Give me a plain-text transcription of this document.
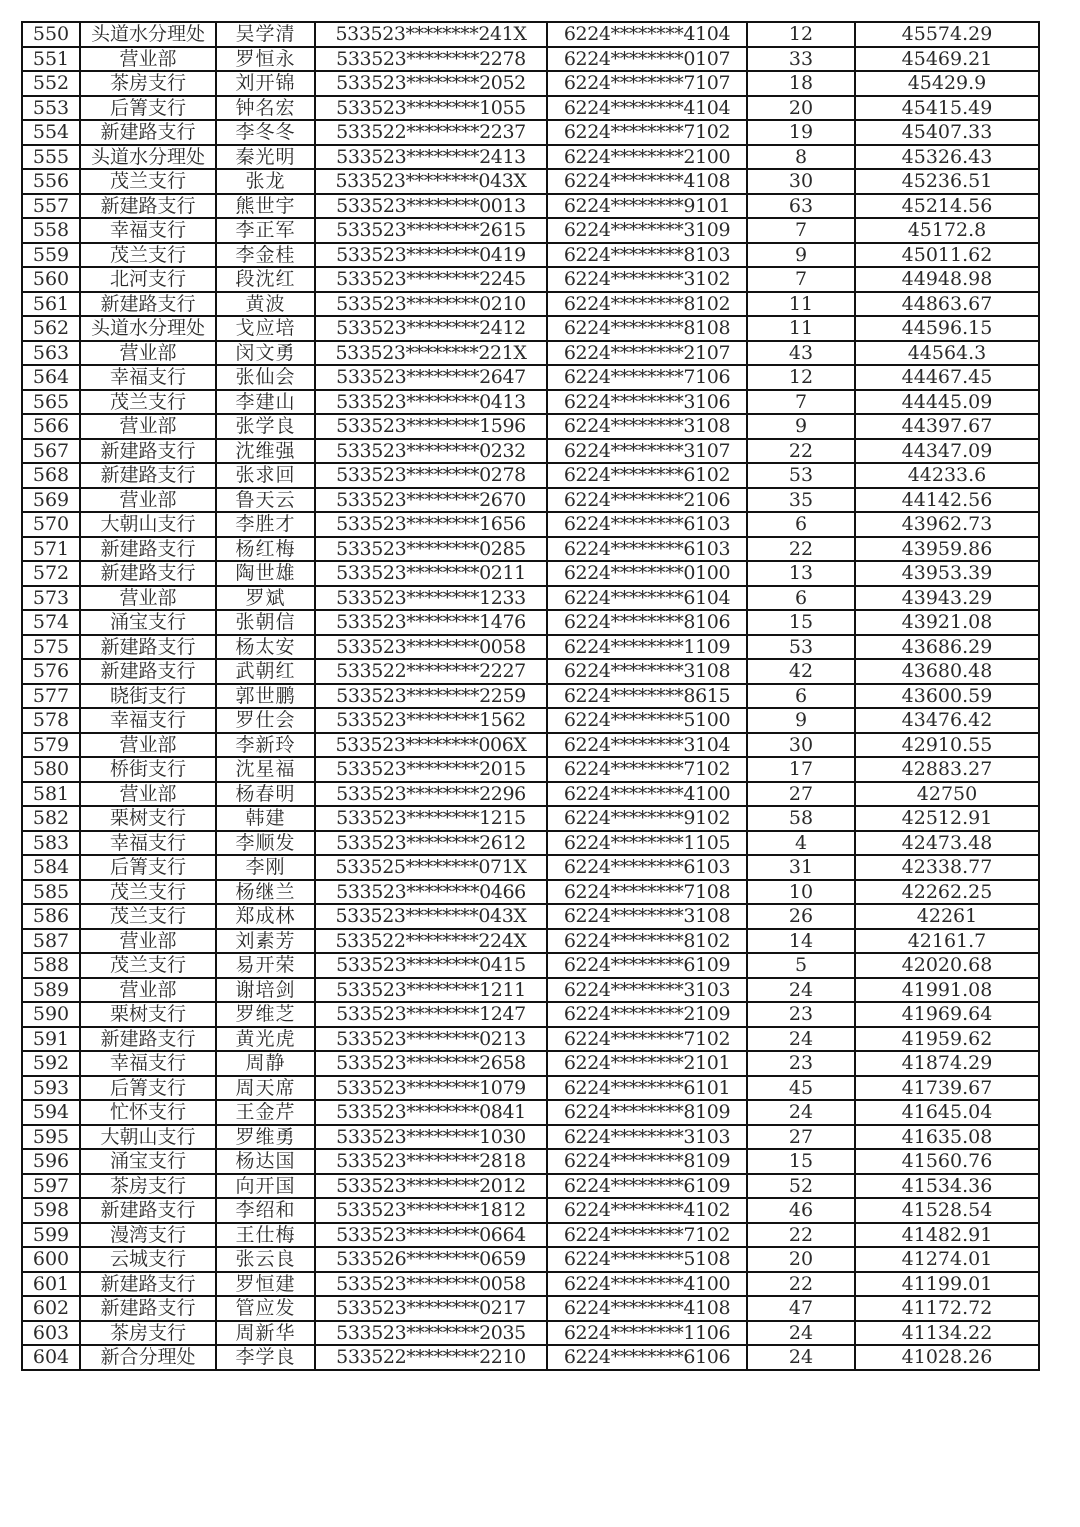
550	头道水分理处	吴学清	533523********241X	6224********4104	12	45574.29
551	营业部	罗恒永	533523********2278	6224********0107	33	45469.21
552	茶房支行	刘开锦	533523********2052	6224********7107	18	45429.9
553	后箐支行	钟名宏	533523********1055	6224********4104	20	45415.49
554	新建路支行	李冬冬	533522********2237	6224********7102	19	45407.33
555	头道水分理处	秦光明	533523********2413	6224********2100	8	45326.43
556	茂兰支行	张龙	533523********043X	6224********4108	30	45236.51
557	新建路支行	熊世宇	533523********0013	6224********9101	63	45214.56
558	幸福支行	李正军	533523********2615	6224********3109	7	45172.8
559	茂兰支行	李金桂	533523********0419	6224********8103	9	45011.62
560	北河支行	段沈红	533523********2245	6224********3102	7	44948.98
561	新建路支行	黄波	533523********0210	6224********8102	11	44863.67
562	头道水分理处	戈应培	533523********2412	6224********8108	11	44596.15
563	营业部	闵文勇	533523********221X	6224********2107	43	44564.3
564	幸福支行	张仙会	533523********2647	6224********7106	12	44467.45
565	茂兰支行	李建山	533523********0413	6224********3106	7	44445.09
566	营业部	张学良	533523********1596	6224********3108	9	44397.67
567	新建路支行	沈维强	533523********0232	6224********3107	22	44347.09
568	新建路支行	张求回	533523********0278	6224********6102	53	44233.6
569	营业部	鲁天云	533523********2670	6224********2106	35	44142.56
570	大朝山支行	李胜才	533523********1656	6224********6103	6	43962.73
571	新建路支行	杨红梅	533523********0285	6224********6103	22	43959.86
572	新建路支行	陶世雄	533523********0211	6224********0100	13	43953.39
573	营业部	罗斌	533523********1233	6224********6104	6	43943.29
574	涌宝支行	张朝信	533523********1476	6224********8106	15	43921.08
575	新建路支行	杨太安	533523********0058	6224********1109	53	43686.29
576	新建路支行	武朝红	533522********2227	6224********3108	42	43680.48
577	晓街支行	郭世鹏	533523********2259	6224********8615	6	43600.59
578	幸福支行	罗仕会	533523********1562	6224********5100	9	43476.42
579	营业部	李新玲	533523********006X	6224********3104	30	42910.55
580	桥街支行	沈星福	533523********2015	6224********7102	17	42883.27
581	营业部	杨春明	533523********2296	6224********4100	27	42750
582	栗树支行	韩建	533523********1215	6224********9102	58	42512.91
583	幸福支行	李顺发	533523********2612	6224********1105	4	42473.48
584	后箐支行	李刚	533525********071X	6224********6103	31	42338.77
585	茂兰支行	杨继兰	533523********0466	6224********7108	10	42262.25
586	茂兰支行	郑成林	533523********043X	6224********3108	26	42261
587	营业部	刘素芳	533522********224X	6224********8102	14	42161.7
588	茂兰支行	易开荣	533523********0415	6224********6109	5	42020.68
589	营业部	谢培剑	533523********1211	6224********3103	24	41991.08
590	栗树支行	罗维芝	533523********1247	6224********2109	23	41969.64
591	新建路支行	黄光虎	533523********0213	6224********7102	24	41959.62
592	幸福支行	周静	533523********2658	6224********2101	23	41874.29
593	后箐支行	周天席	533523********1079	6224********6101	45	41739.67
594	忙怀支行	王金芹	533523********0841	6224********8109	24	41645.04
595	大朝山支行	罗维勇	533523********1030	6224********3103	27	41635.08
596	涌宝支行	杨达国	533523********2818	6224********8109	15	41560.76
597	茶房支行	向开国	533523********2012	6224********6109	52	41534.36
598	新建路支行	李绍和	533523********1812	6224********4102	46	41528.54
599	漫湾支行	王仕梅	533523********0664	6224********7102	22	41482.91
600	云城支行	张云良	533526********0659	6224********5108	20	41274.01
601	新建路支行	罗恒建	533523********0058	6224********4100	22	41199.01
602	新建路支行	管应发	533523********0217	6224********4108	47	41172.72
603	茶房支行	周新华	533523********2035	6224********1106	24	41134.22
604	新合分理处	李学良	533522********2210	6224********6106	24	41028.26
